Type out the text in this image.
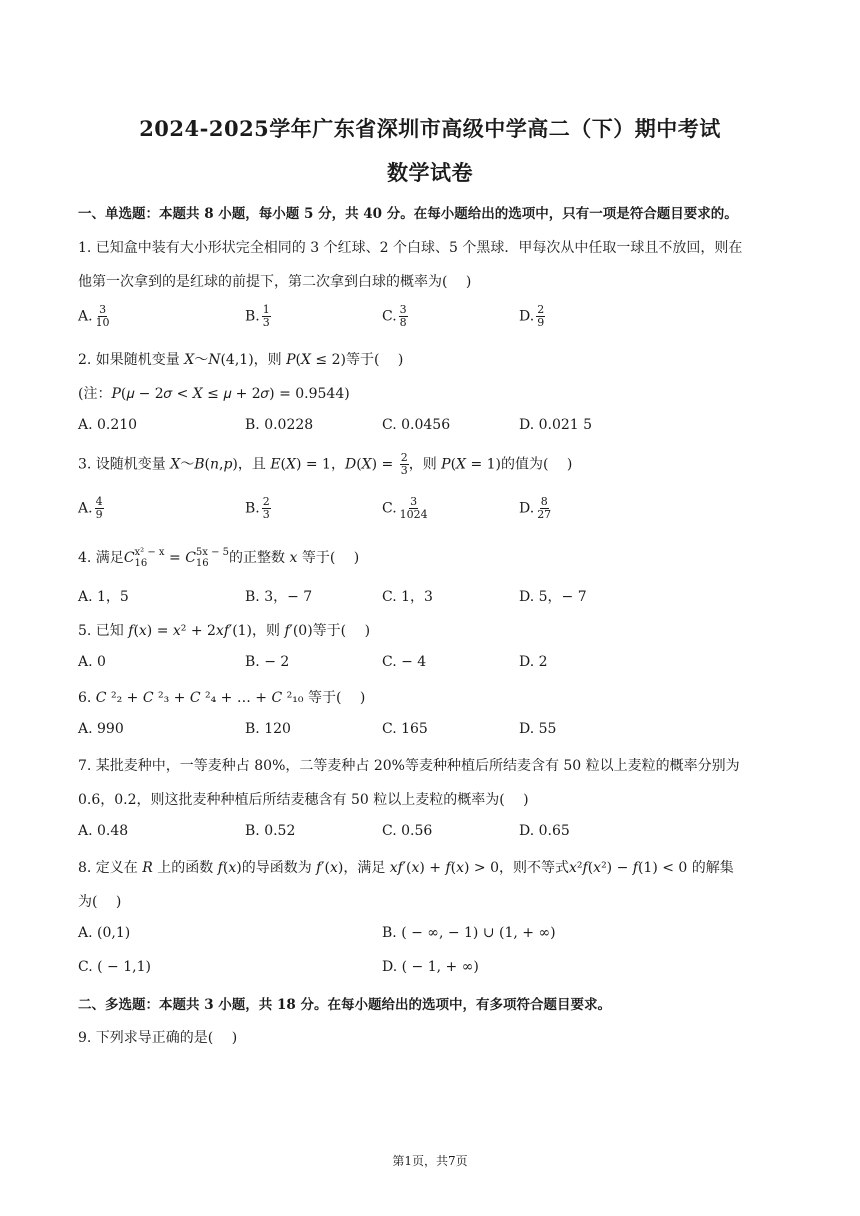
2024-2025学年广东省深圳市高级中学高二（下）期中考试
数学试卷
一、单选题：本题共 8 小题，每小题 5 分，共 40 分。在每小题给出的选项中，只有一项是符合题目要求的。
1. 已知盒中装有大小形状完全相同的 3 个红球、2 个白球、5 个黑球．甲每次从中任取一球且不放回，则在
他第一次拿到的是红球的前提下，第二次拿到白球的概率为(　 )
A. $\frac{3}{10}$	B. $\frac{1}{3}$	C. $\frac{3}{8}$	D. $\frac{2}{9}$
2. 如果随机变量 𝑋～𝑁(4,1)，则 𝑃(𝑋 ≤ 2)等于(　 )
(注：𝑃(𝜇 − 2𝜎 < 𝑋 ≤ 𝜇 + 2𝜎) = 0.9544)
A. 0.210	B. 0.0228	C. 0.0456	D. 0.021 5
3. 设随机变量 𝑋～𝐵(𝑛,𝑝)，且 𝐸(𝑋) = 1，𝐷(𝑋) = $\frac{2}{3}$ ，则 𝑃(𝑋 = 1)的值为(　 )
A. $\frac{4}{9}$	B. $\frac{2}{3}$	C. $\frac{3}{1024}$	D. $\frac{8}{27}$
4. 满足C x² − x
16	= C 5x − 5
16	的正整数 𝑥 等于(　 )
A. 1，5	B. 3，− 7	C. 1，3	D. 5，− 7
5. 已知 𝑓(𝑥) = 𝑥² + 2𝑥𝑓′(1)，则 𝑓′(0)等于(　 )
A. 0	B. − 2	C. − 4	D. 2
6. 𝐶 ²₂ + 𝐶 ²₃ + 𝐶 ²₄ + … + 𝐶 ²₁₀ 等于(　 )
A. 990	B. 120	C. 165	D. 55
7. 某批麦种中，一等麦种占 80%，二等麦种占 20%等麦种种植后所结麦含有 50 粒以上麦粒的概率分别为
0.6，0.2，则这批麦种种植后所结麦穗含有 50 粒以上麦粒的概率为(　 )
A. 0.48	B. 0.52	C. 0.56	D. 0.65
8. 定义在 𝑅 上的函数 𝑓(𝑥)的导函数为 𝑓′(𝑥)，满足 𝑥𝑓′(𝑥) + 𝑓(𝑥) > 0，则不等式𝑥²𝑓(𝑥²) − 𝑓(1) < 0 的解集
为(　 )
A. (0,1)	B. ( − ∞, − 1) ∪ (1, + ∞)
C. ( − 1,1)	D. ( − 1, + ∞)
二、多选题：本题共 3 小题，共 18 分。在每小题给出的选项中，有多项符合题目要求。
9. 下列求导正确的是(　 )
第1页，共7页
